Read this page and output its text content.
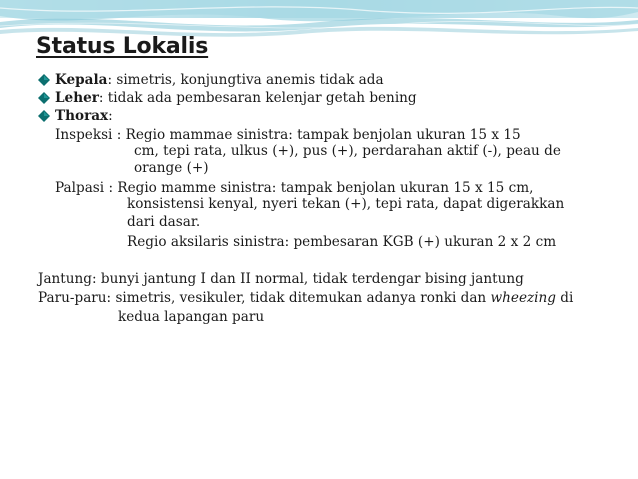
Status Lokalis
Kepala: simetris, konjungtiva anemis tidak ada
Leher: tidak ada pembesaran kelenjar getah bening
Thorax:
Inspeksi : Regio mammae sinistra: tampak benjolan ukuran 15 x 15
cm, tepi rata, ulkus (+), pus (+), perdarahan aktif (-), peau de
orange (+)
Palpasi : Regio mamme sinistra: tampak benjolan ukuran 15 x 15 cm,
konsistensi kenyal, nyeri tekan (+), tepi rata, dapat digerakkan
dari dasar.
Regio aksilaris sinistra: pembesaran KGB (+) ukuran 2 x 2 cm
Jantung: bunyi jantung I dan II normal, tidak terdengar bising jantung
Paru-paru: simetris, vesikuler, tidak ditemukan adanya ronki dan wheezing di
kedua lapangan paru
